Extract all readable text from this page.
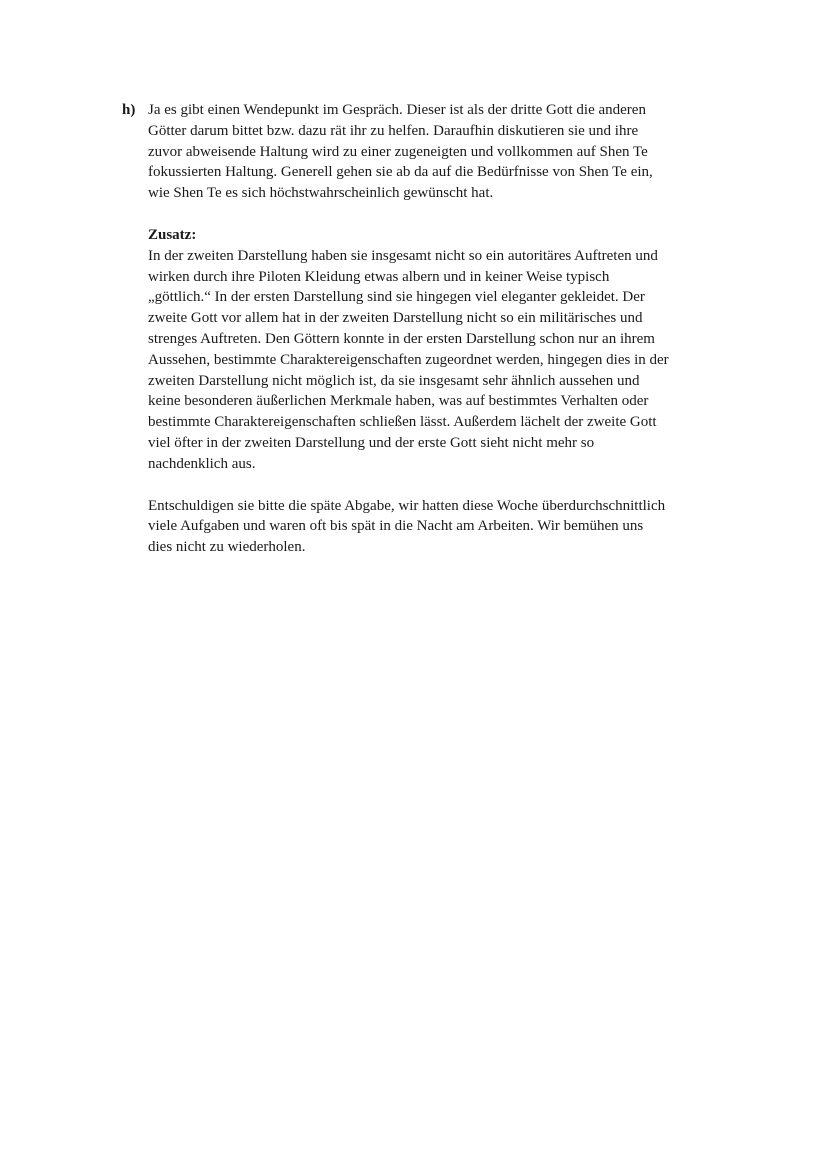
h) Ja es gibt einen Wendepunkt im Gespräch. Dieser ist als der dritte Gott die anderen
Götter darum bittet bzw. dazu rät ihr zu helfen. Daraufhin diskutieren sie und ihre
zuvor abweisende Haltung wird zu einer zugeneigten und vollkommen auf Shen Te
fokussierten Haltung. Generell gehen sie ab da auf die Bedürfnisse von Shen Te ein,
wie Shen Te es sich höchstwahrscheinlich gewünscht hat.
Zusatz:
In der zweiten Darstellung haben sie insgesamt nicht so ein autoritäres Auftreten und
wirken durch ihre Piloten Kleidung etwas albern und in keiner Weise typisch
„göttlich.“ In der ersten Darstellung sind sie hingegen viel eleganter gekleidet. Der
zweite Gott vor allem hat in der zweiten Darstellung nicht so ein militärisches und
strenges Auftreten. Den Göttern konnte in der ersten Darstellung schon nur an ihrem
Aussehen, bestimmte Charaktereigenschaften zugeordnet werden, hingegen dies in der
zweiten Darstellung nicht möglich ist, da sie insgesamt sehr ähnlich aussehen und
keine besonderen äußerlichen Merkmale haben, was auf bestimmtes Verhalten oder
bestimmte Charaktereigenschaften schließen lässt. Außerdem lächelt der zweite Gott
viel öfter in der zweiten Darstellung und der erste Gott sieht nicht mehr so
nachdenklich aus.
Entschuldigen sie bitte die späte Abgabe, wir hatten diese Woche überdurchschnittlich
viele Aufgaben und waren oft bis spät in die Nacht am Arbeiten. Wir bemühen uns
dies nicht zu wiederholen.
